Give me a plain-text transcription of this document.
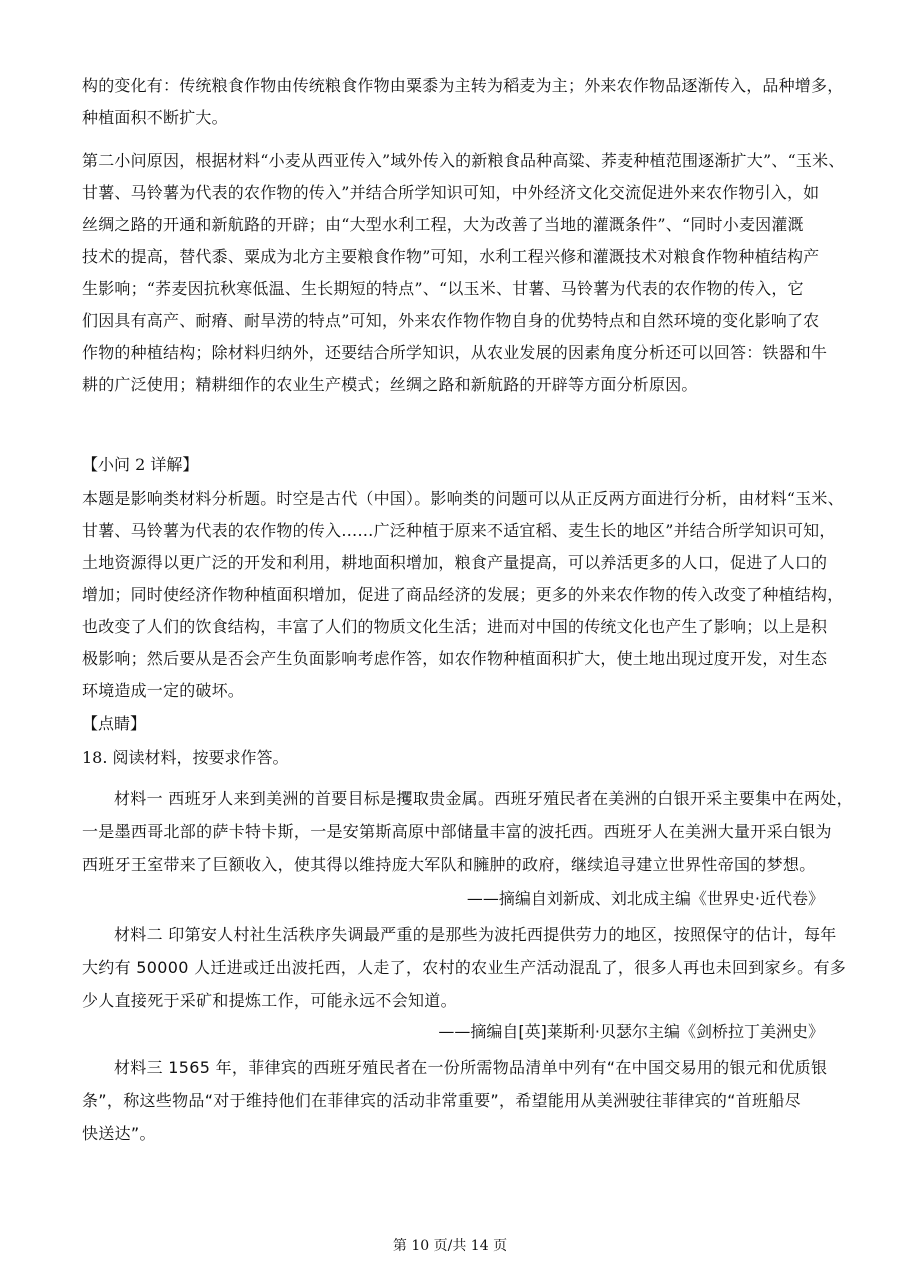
构的变化有：传统粮食作物由传统粮食作物由粟黍为主转为稻麦为主；外来农作物品逐渐传入，品种增多，
种植面积不断扩大。
第二小问原因，根据材料“小麦从西亚传入”域外传入的新粮食品种高粱、荞麦种植范围逐渐扩大”、“玉米、
甘薯、马铃薯为代表的农作物的传入”并结合所学知识可知，中外经济文化交流促进外来农作物引入，如
丝绸之路的开通和新航路的开辟；由“大型水利工程，大为改善了当地的灌溉条件”、“同时小麦因灌溉
技术的提高，替代黍、粟成为北方主要粮食作物”可知，水利工程兴修和灌溉技术对粮食作物种植结构产
生影响；“荞麦因抗秋寒低温、生长期短的特点”、“以玉米、甘薯、马铃薯为代表的农作物的传入，它
们因具有高产、耐瘠、耐旱涝的特点”可知，外来农作物作物自身的优势特点和自然环境的变化影响了农
作物的种植结构；除材料归纳外，还要结合所学知识，从农业发展的因素角度分析还可以回答：铁器和牛
耕的广泛使用；精耕细作的农业生产模式；丝绸之路和新航路的开辟等方面分析原因。
【小问 2 详解】
本题是影响类材料分析题。时空是古代（中国）。影响类的问题可以从正反两方面进行分析，由材料“玉米、
甘薯、马铃薯为代表的农作物的传入……广泛种植于原来不适宜稻、麦生长的地区”并结合所学知识可知，
土地资源得以更广泛的开发和利用，耕地面积增加，粮食产量提高，可以养活更多的人口，促进了人口的
增加；同时使经济作物种植面积增加，促进了商品经济的发展；更多的外来农作物的传入改变了种植结构，
也改变了人们的饮食结构，丰富了人们的物质文化生活；进而对中国的传统文化也产生了影响；以上是积
极影响；然后要从是否会产生负面影响考虑作答，如农作物种植面积扩大，使土地出现过度开发，对生态
环境造成一定的破坏。
【点睛】
18. 阅读材料，按要求作答。
材料一 西班牙人来到美洲的首要目标是攫取贵金属。西班牙殖民者在美洲的白银开采主要集中在两处，
一是墨西哥北部的萨卡特卡斯，一是安第斯高原中部储量丰富的波托西。西班牙人在美洲大量开采白银为
西班牙王室带来了巨额收入，使其得以维持庞大军队和臃肿的政府，继续追寻建立世界性帝国的梦想。
——摘编自刘新成、刘北成主编《世界史·近代卷》
材料二 印第安人村社生活秩序失调最严重的是那些为波托西提供劳力的地区，按照保守的估计，每年
大约有 50000 人迁进或迁出波托西，人走了，农村的农业生产活动混乱了，很多人再也未回到家乡。有多
少人直接死于采矿和提炼工作，可能永远不会知道。
——摘编自[英]莱斯利·贝瑟尔主编《剑桥拉丁美洲史》
材料三 1565 年，菲律宾的西班牙殖民者在一份所需物品清单中列有“在中国交易用的银元和优质银
条”，称这些物品“对于维持他们在菲律宾的活动非常重要”，希望能用从美洲驶往菲律宾的“首班船尽
快送达”。
第 10 页/共 14 页
